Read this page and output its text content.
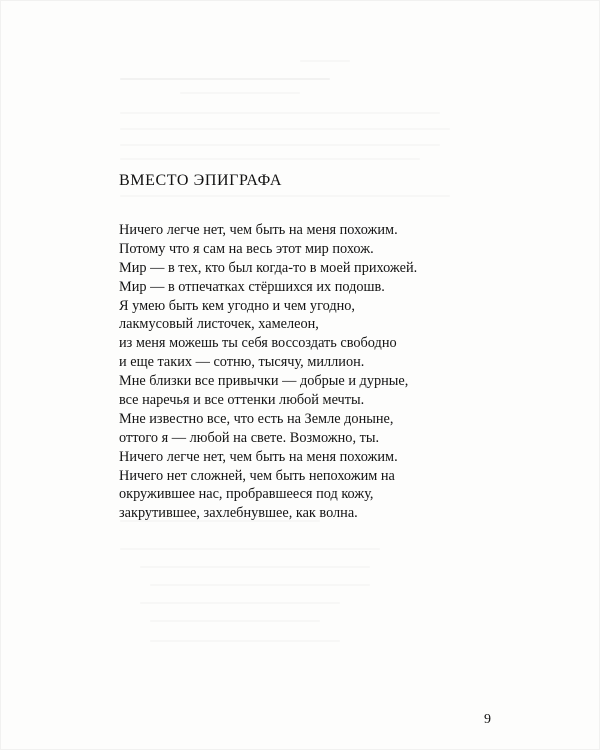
ВМЕСТО ЭПИГРАФА
Ничего легче нет, чем быть на меня похожим.
Потому что я сам на весь этот мир похож.
Мир — в тех, кто был когда-то в моей прихожей.
Мир — в отпечатках стёршихся их подошв.
Я умею быть кем угодно и чем угодно,
лакмусовый листочек, хамелеон,
из меня можешь ты себя воссоздать свободно
и еще таких — сотню, тысячу, миллион.
Мне близки все привычки — добрые и дурные,
все наречья и все оттенки любой мечты.
Мне известно все, что есть на Земле доныне,
оттого я — любой на свете. Возможно, ты.
Ничего легче нет, чем быть на меня похожим.
Ничего нет сложней, чем быть непохожим на
окружившее нас, пробравшееся под кожу,
закрутившее, захлебнувшее, как волна.
9
